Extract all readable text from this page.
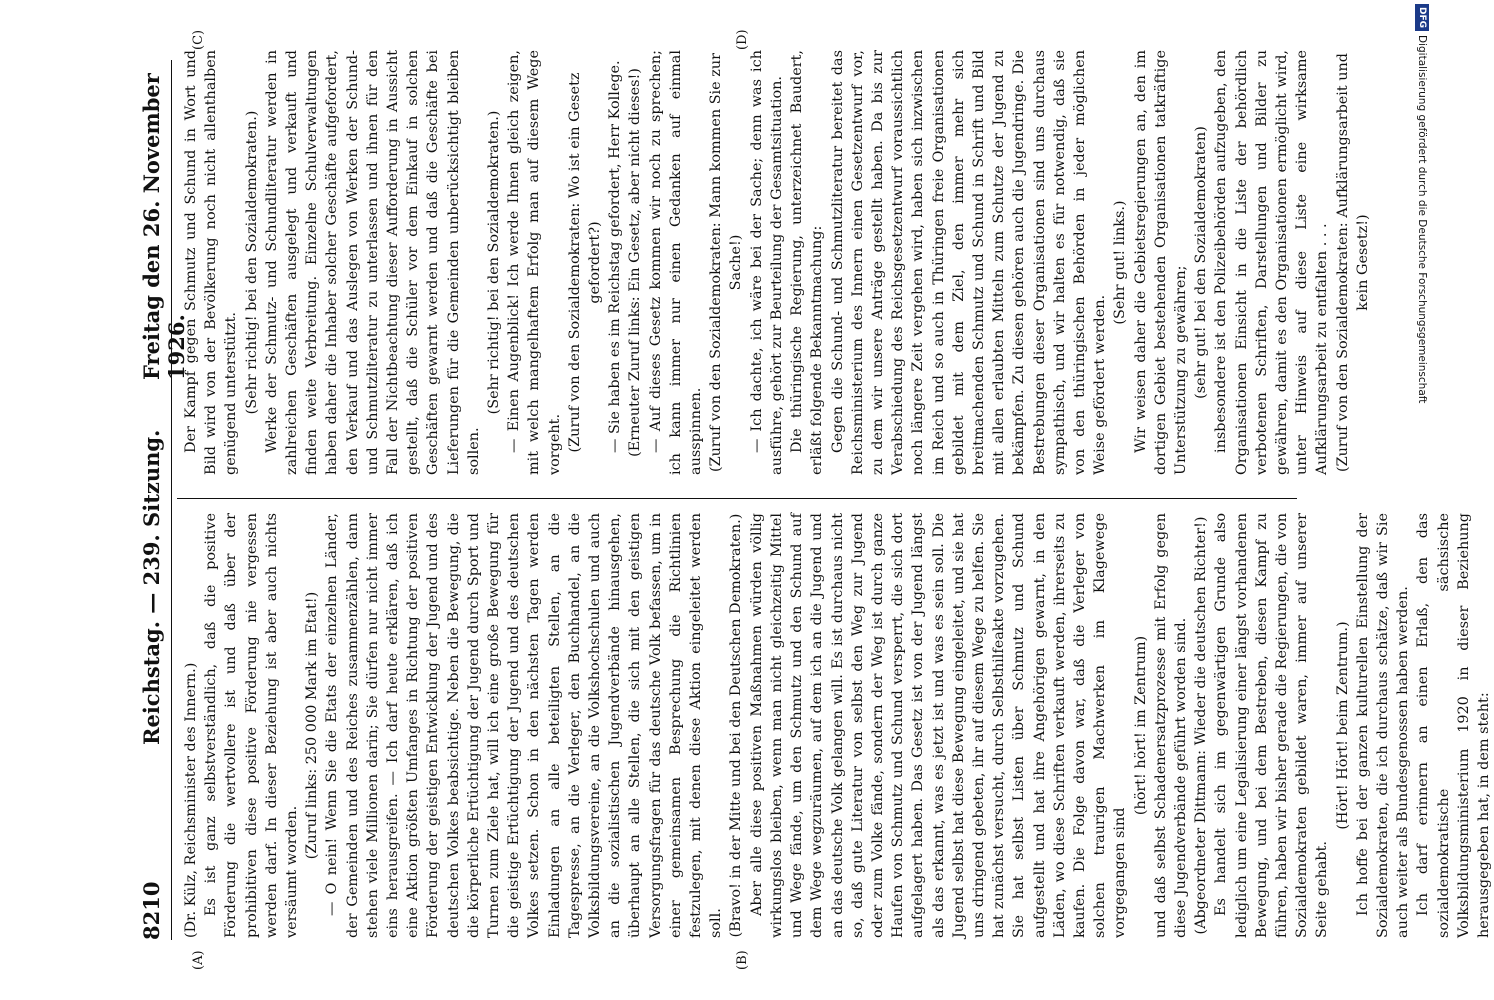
8210
Reichstag. — 239. Sitzung.
Freitag den 26. November 1926.
(A)	(B)
(C)	(D)

(Dr. Külz, Reichsminister des Innern.) Es ist ganz selbstverständlich, daß die positive Förderung die wertvollere ist und daß über der prohibitiven diese positive Förderung nie vergessen werden darf. In dieser Beziehung ist aber auch nichts versäumt worden.

(Zuruf links: 250 000 Mark im Etat!) — O nein! Wenn Sie die Etats der einzelnen Länder, der Gemeinden und des Reiches zusammenzählen, dann stehen viele Millionen darin; Sie dürfen nur nicht immer eins herausgreifen. — Ich darf heute erklären, daß ich eine Aktion größten Umfanges in Richtung der positiven Förderung der geistigen Entwicklung der Jugend und des deutschen Volkes beabsichtige. Neben die Bewegung, die die körperliche Ertüchtigung der Jugend durch Sport und Turnen zum Ziele hat, will ich eine große Bewegung für die geistige Ertüchtigung der Jugend und des deutschen Volkes setzen. Schon in den nächsten Tagen werden Einladungen an alle beteiligten Stellen, an die Tagespresse, an die Verleger, den Buchhandel, an die Volksbildungsvereine, an die Volkshochschulen und auch an die sozialistischen Jugendverbände hinausgehen, überhaupt an alle Stellen, die sich mit den geistigen Versorgungsfragen für das deutsche Volk befassen, um in einer gemeinsamen Besprechung die Richtlinien festzulegen, mit denen diese Aktion eingeleitet werden soll. (Bravo! in der Mitte und bei den Deutschen Demokraten.) Aber alle diese positiven Maßnahmen würden völlig wirkungslos bleiben, wenn man nicht gleichzeitig Mittel und Wege fände, um den Schmutz und den Schund auf dem Wege wegzuräumen, auf dem ich an die Jugend und an das deutsche Volk gelangen will. Es ist durchaus nicht so, daß gute Literatur von selbst den Weg zur Jugend oder zum Volke fände, sondern der Weg ist durch ganze Haufen von Schmutz und Schund versperrt, die sich dort aufgelagert haben. Das Gesetz ist von der Jugend längst als das erkannt, was es jetzt ist und was es sein soll. Die Jugend selbst hat diese Bewegung eingeleitet, und sie hat uns dringend gebeten, ihr auf diesem Wege zu helfen. Sie hat zunächst versucht, durch Selbsthilfeakte vorzugehen. Sie hat selbst Listen über Schmutz und Schund aufgestellt und hat ihre Angehörigen gewarnt, in den Läden, wo diese Schriften verkauft werden, ihrerseits zu kaufen. Die Folge davon war, daß die Verleger von solchen traurigen Machwerken im Klagewege vorgegangen sind

(hört! hört! im Zentrum) und daß selbst Schadenersatzprozesse mit Erfolg gegen diese Jugendverbände geführt worden sind. (Abgeordneter Dittmann: Wieder die deutschen Richter!) Es handelt sich im gegenwärtigen Grunde also lediglich um eine Legalisierung einer längst vorhandenen Bewegung, und bei dem Bestreben, diesen Kampf zu führen, haben wir bisher gerade die Regierungen, die von Sozialdemokraten gebildet waren, immer auf unserer Seite gehabt.

(Hört! Hört! beim Zentrum.) Ich hoffe bei der ganzen kulturellen Einstellung der Sozialdemokraten, die ich durchaus schätze, daß wir Sie auch weiter als Bundesgenossen haben werden. Ich darf erinnern an einen Erlaß, den das sozialdemokratische sächsische Volksbildungsministerium 1920 in dieser Beziehung herausgegeben hat, in dem steht:

Der Kampf gegen Schmutz und Schund in Wort und Bild wird von der Bevölkerung noch nicht allenthalben genügend unterstützt. (Sehr richtig! bei den Sozialdemokraten.) Werke der Schmutz- und Schundliteratur werden in zahlreichen Geschäften ausgelegt und verkauft und finden weite Verbreitung. Einzelne Schulverwaltungen haben daher die Inhaber solcher Geschäfte aufgefordert, den Verkauf und das Auslegen von Werken der Schund- und Schmutzliteratur zu unterlassen und ihnen für den Fall der Nichtbeachtung dieser Aufforderung in Aussicht gestellt, daß die Schüler vor dem Einkauf in solchen Geschäften gewarnt werden und daß die Geschäfte bei Lieferungen für die Gemeinden unberücksichtigt bleiben sollen.

(Sehr richtig! bei den Sozialdemokraten.) — Einen Augenblick! Ich werde Ihnen gleich zeigen, mit welch mangelhaftem Erfolg man auf diesem Wege vorgeht. (Zuruf von den Sozialdemokraten: Wo ist ein Gesetz gefordert?) — Sie haben es im Reichstag gefordert, Herr Kollege. (Erneuter Zuruf links: Ein Gesetz, aber nicht dieses!) — Auf dieses Gesetz kommen wir noch zu sprechen; ich kann immer nur einen Gedanken auf einmal ausspinnen. (Zuruf von den Sozialdemokraten: Mann kommen Sie zur Sache!) — Ich dachte, ich wäre bei der Sache; denn was ich ausführe, gehört zur Beurteilung der Gesamtsituation. Die thüringische Regierung, unterzeichnet Baudert, erläßt folgende Bekanntmachung: Gegen die Schund- und Schmutzliteratur bereitet das Reichsministerium des Innern einen Gesetzentwurf vor, zu dem wir unsere Anträge gestellt haben. Da bis zur Verabschiedung des Reichsgesetzentwurf voraussichtlich noch längere Zeit vergehen wird, haben sich inzwischen im Reich und so auch in Thüringen freie Organisationen gebildet mit dem Ziel, den immer mehr sich breitmachenden Schmutz und Schund in Schrift und Bild mit allen erlaubten Mitteln zum Schutze der Jugend zu bekämpfen. Zu diesen gehören auch die Jugendringe. Die Bestrebungen dieser Organisationen sind uns durchaus sympathisch, und wir halten es für notwendig, daß sie von den thüringischen Behörden in jeder möglichen Weise gefördert werden.

(Sehr gut! links.) Wir weisen daher die Gebietsregierungen an, den im dortigen Gebiet bestehenden Organisationen tatkräftige Unterstützung zu gewähren; (sehr gut! bei den Sozialdemokraten) insbesondere ist den Polizeibehörden aufzugeben, den Organisationen Einsicht in die Liste der behördlich verbotenen Schriften, Darstellungen und Bilder zu gewähren, damit es den Organisationen ermöglicht wird, unter Hinweis auf diese Liste eine wirksame Aufklärungsarbeit zu entfalten . . . (Zuruf von den Sozialdemokraten: Aufklärungsarbeit und kein Gesetz!)

DFGDigitalisierung gefördert durch die Deutsche Forschungsgemeinschaft
